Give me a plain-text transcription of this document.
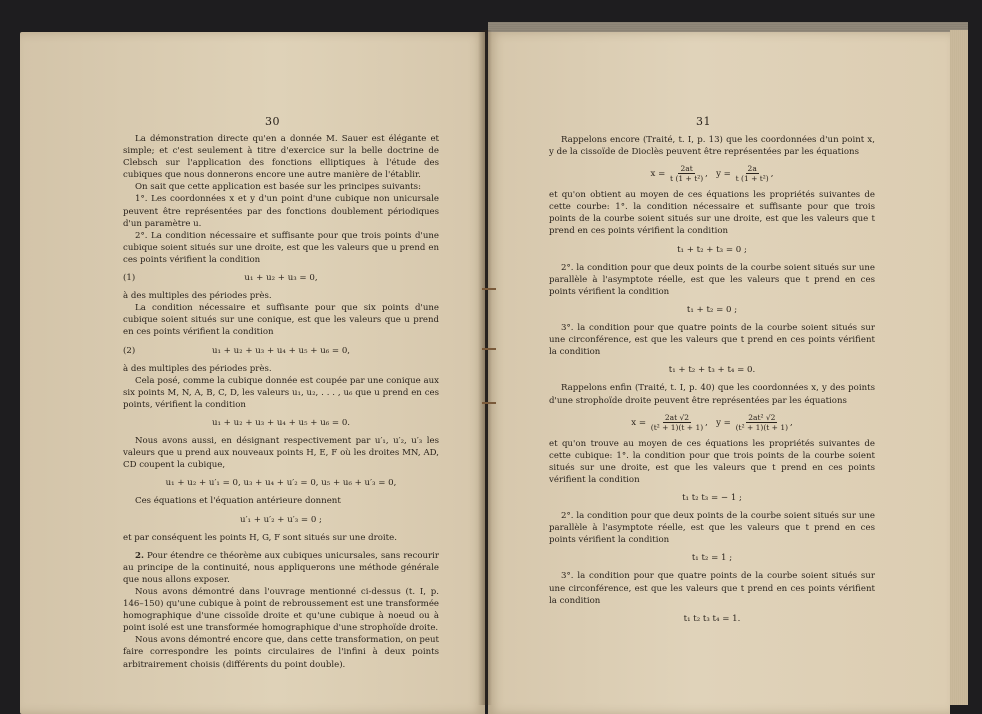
30

La démonstration directe qu'en a donnée M. Sauer est élégante et simple; et c'est seulement à titre d'exercice sur la belle doctrine de Clebsch sur l'application des fonctions elliptiques à l'étude des cubiques que nous donnerons encore une autre manière de l'établir.

On sait que cette application est basée sur les principes suivants:

1°. Les coordonnées x et y d'un point d'une cubique non unicursale peuvent être représentées par des fonctions doublement périodiques d'un paramètre u.

2°. La condition nécessaire et suffisante pour que trois points d'une cubique soient situés sur une droite, est que les valeurs que u prend en ces points vérifient la condition

(1)	u₁ + u₂ + u₃ = 0,

à des multiples des périodes près.

La condition nécessaire et suffisante pour que six points d'une cubique soient situés sur une conique, est que les valeurs que u prend en ces points vérifient la condition

(2)	u₁ + u₂ + u₃ + u₄ + u₅ + u₆ = 0,

à des multiples des périodes près.

Cela posé, comme la cubique donnée est coupée par une conique aux six points M, N, A, B, C, D, les valeurs u₁, u₂, . . . , u₆ que u prend en ces points, vérifient la condition

u₁ + u₂ + u₃ + u₄ + u₅ + u₆ = 0.

Nous avons aussi, en désignant respectivement par u′₁, u′₂, u′₃ les valeurs que u prend aux nouveaux points H, E, F où les droites MN, AD, CD coupent la cubique,

u₁ + u₂ + u′₁ = 0, u₃ + u₄ + u′₂ = 0, u₅ + u₆ + u′₃ = 0,

Ces équations et l'équation antérieure donnent

u′₁ + u′₂ + u′₃ = 0 ;

et par conséquent les points H, G, F sont situés sur une droite.

2. Pour étendre ce théorème aux cubiques unicursales, sans recourir au principe de la continuité, nous appliquerons une méthode générale que nous allons exposer.

Nous avons démontré dans l'ouvrage mentionné ci-dessus (t. I, p. 146–150) qu'une cubique à point de rebroussement est une transformée homographique d'une cissoïde droite et qu'une cubique à noeud ou à point isolé est une transformée homographique d'une strophoïde droite.

Nous avons démontré encore que, dans cette transformation, on peut faire correspondre les points circulaires de l'infini à deux points arbitrairement choisis (différents du point double).

31

Rappelons encore (Traité, t. I, p. 13) que les coordonnées d'un point x, y de la cissoïde de Dioclès peuvent être représentées par les équations

$x = \frac{2at}{\text{t (1 + t²)}}$ ,   $y = \frac{2a}{\text{t (1 + t²)}}$ ,

et qu'on obtient au moyen de ces équations les propriétés suivantes de cette courbe: 1°. la condition nécessaire et suffisante pour que trois points de la courbe soient situés sur une droite, est que les valeurs que t prend en ces points vérifient la condition

t₁ + t₂ + t₃ = 0 ;

2°. la condition pour que deux points de la courbe soient situés sur une parallèle à l'asymptote réelle, est que les valeurs que t prend en ces points vérifient la condition

t₁ + t₂ = 0 ;

3°. la condition pour que quatre points de la courbe soient situés sur une circonférence, est que les valeurs que t prend en ces points vérifient la condition

t₁ + t₂ + t₃ + t₄ = 0.

Rappelons enfin (Traité, t. I, p. 40) que les coordonnées x, y des points d'une strophoïde droite peuvent être représentées par les équations

$x = \frac{2at √2}{\text{(t² + 1)(t + 1)}}$ ,   $y = \frac{\text{2at² √2}}{\text{(t² + 1)(t + 1)}}$ ,

et qu'on trouve au moyen de ces équations les propriétés suivantes de cette cubique: 1°. la condition pour que trois points de la courbe soient situés sur une droite, est que les valeurs que t prend en ces points vérifient la condition

t₁ t₂ t₃ = − 1 ;

2°. la condition pour que deux points de la courbe soient situés sur une parallèle à l'asymptote réelle, est que les valeurs que t prend en ces points vérifient la condition

t₁ t₂ = 1 ;

3°. la condition pour que quatre points de la courbe soient situés sur une circonférence, est que les valeurs que t prend en ces points vérifient la condition

t₁ t₂ t₃ t₄ = 1.
